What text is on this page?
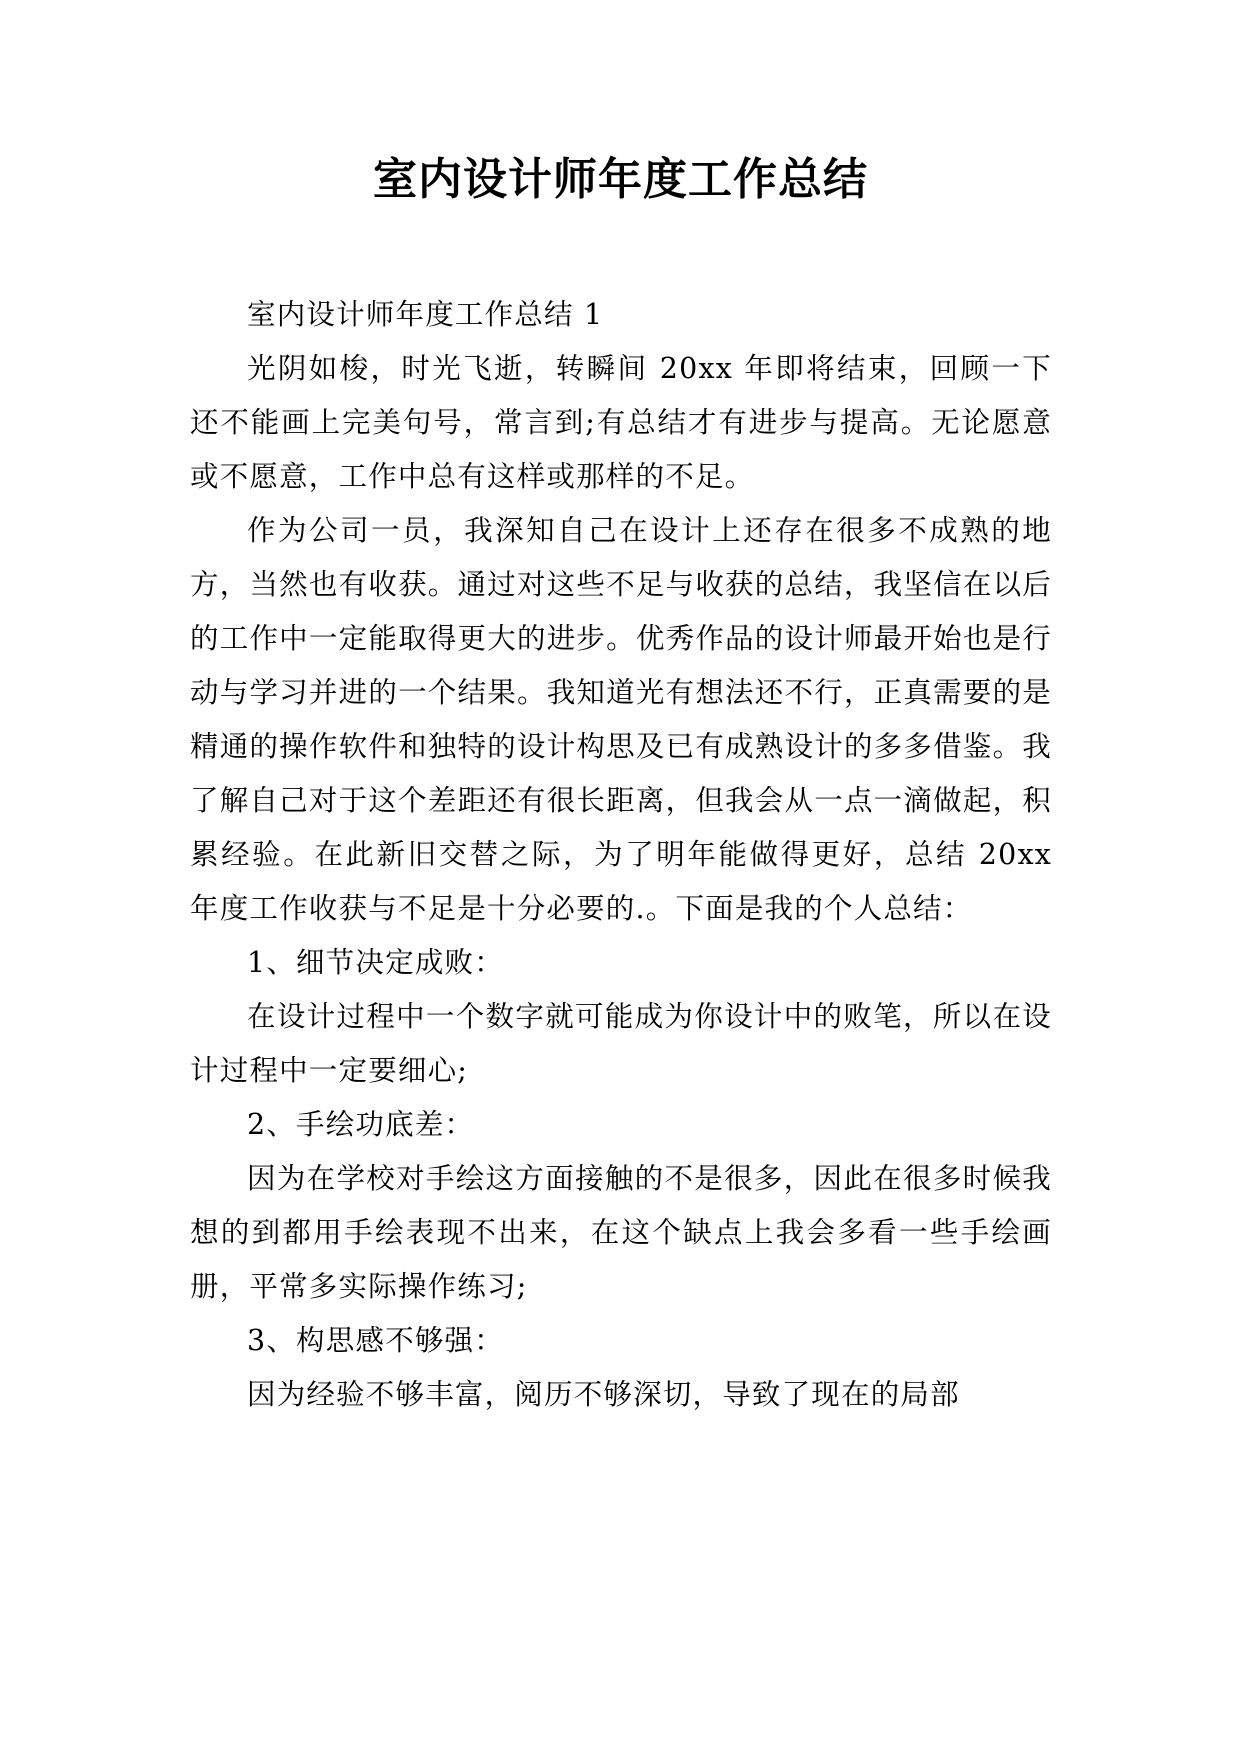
室内设计师年度工作总结

室内设计师年度工作总结 1

光阴如梭，时光飞逝，转瞬间 20xx 年即将结束，回顾一下还不能画上完美句号，常言到;有总结才有进步与提高。无论愿意或不愿意，工作中总有这样或那样的不足。

作为公司一员，我深知自己在设计上还存在很多不成熟的地方，当然也有收获。通过对这些不足与收获的总结，我坚信在以后的工作中一定能取得更大的进步。优秀作品的设计师最开始也是行动与学习并进的一个结果。我知道光有想法还不行，正真需要的是精通的操作软件和独特的设计构思及已有成熟设计的多多借鉴。我了解自己对于这个差距还有很长距离，但我会从一点一滴做起，积累经验。在此新旧交替之际，为了明年能做得更好，总结 20xx 年度工作收获与不足是十分必要的.。下面是我的个人总结：

1、细节决定成败：

在设计过程中一个数字就可能成为你设计中的败笔，所以在设计过程中一定要细心;

2、手绘功底差：

因为在学校对手绘这方面接触的不是很多，因此在很多时候我想的到都用手绘表现不出来，在这个缺点上我会多看一些手绘画册，平常多实际操作练习;

3、构思感不够强：

因为经验不够丰富，阅历不够深切，导致了现在的局部
